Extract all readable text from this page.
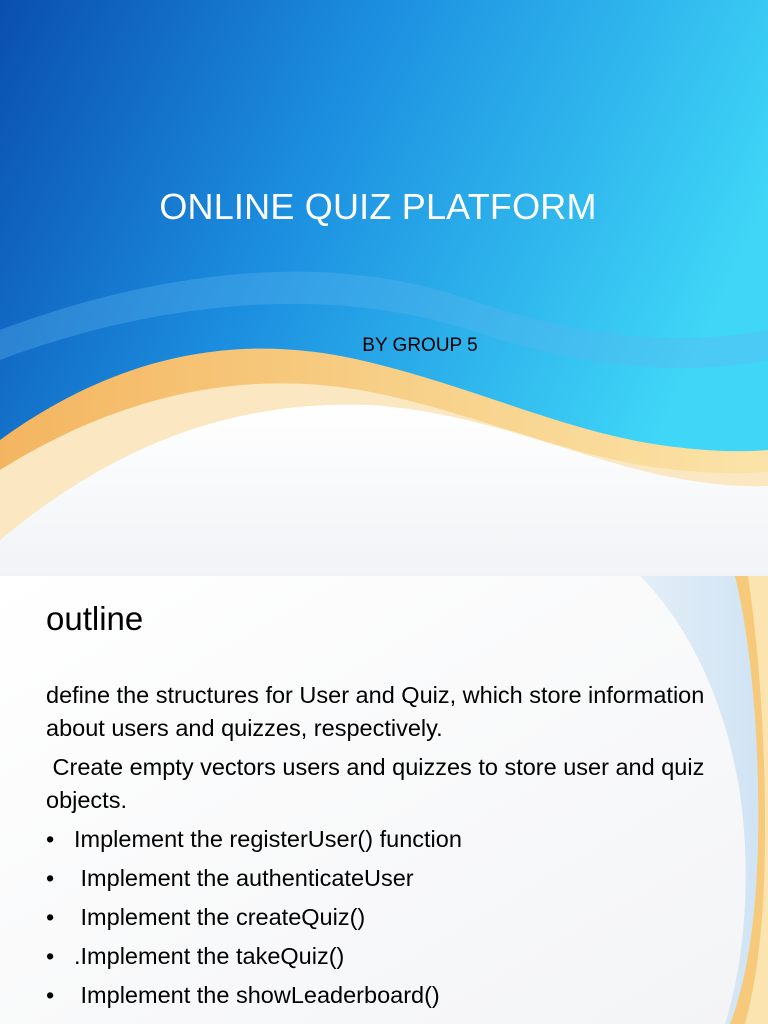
ONLINE QUIZ PLATFORM
BY GROUP 5
outline

define the structures for User and Quiz, which store information about users and quizzes, respectively.

Create empty vectors users and quizzes to store user and quiz objects.

• Implement the registerUser() function
• Implement the authenticateUser
• Implement the createQuiz()
• .Implement the takeQuiz()
• Implement the showLeaderboard()
